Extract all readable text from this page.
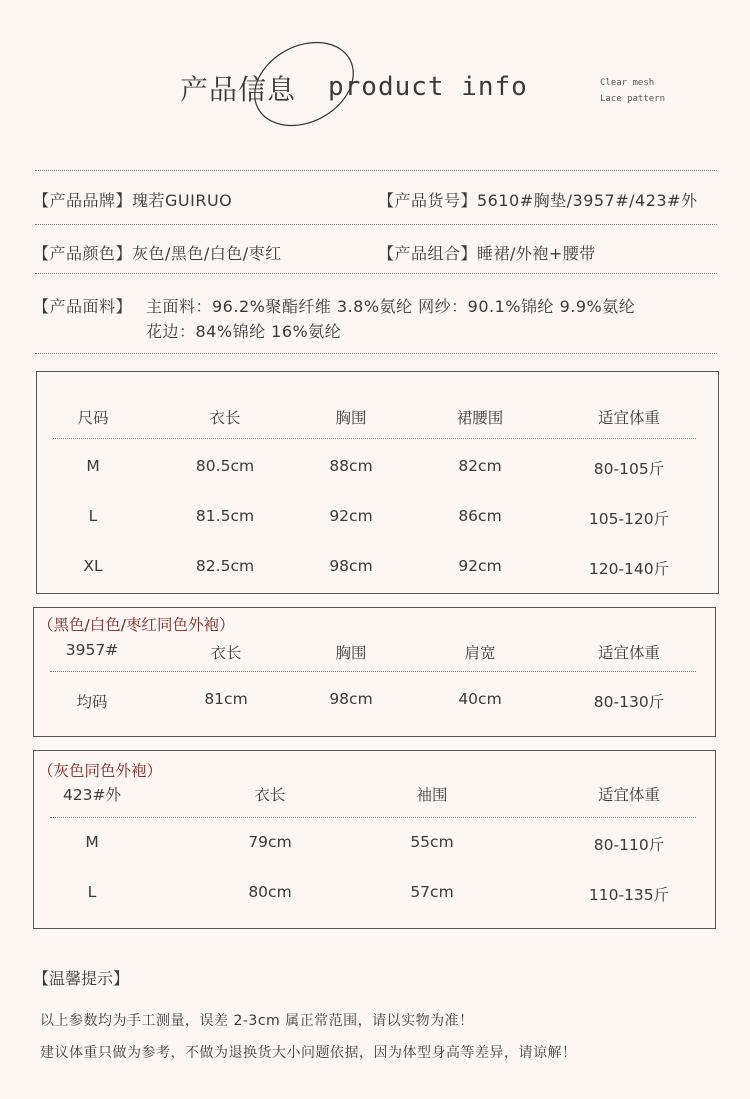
产品信息 product info	Clear mesh
Lace pattern
【产品品牌】瑰若GUIRUO	【产品货号】5610#胸垫/3957#/423#外
【产品颜色】灰色/黑色/白色/枣红	【产品组合】睡裙/外袍+腰带
【产品面料】 主面料：96.2%聚酯纤维 3.8%氨纶 网纱：90.1%锦纶 9.9%氨纶
花边：84%锦纶 16%氨纶
尺码	衣长	胸围	裙腰围	适宜体重
M	80.5cm	88cm	82cm	80-105斤
L	81.5cm	92cm	86cm	105-120斤
XL	82.5cm	98cm	92cm	120-140斤
（黑色/白色/枣红同色外袍）
3957#	衣长	胸围	肩宽	适宜体重
均码	81cm	98cm	40cm	80-130斤
（灰色同色外袍）
423#外	衣长	袖围	适宜体重
M	79cm	55cm	80-110斤
L	80cm	57cm	110-135斤
【温馨提示】
以上参数均为手工测量，误差 2-3cm 属正常范围，请以实物为准！
建议体重只做为参考，不做为退换货大小问题依据，因为体型身高等差异，请谅解！
